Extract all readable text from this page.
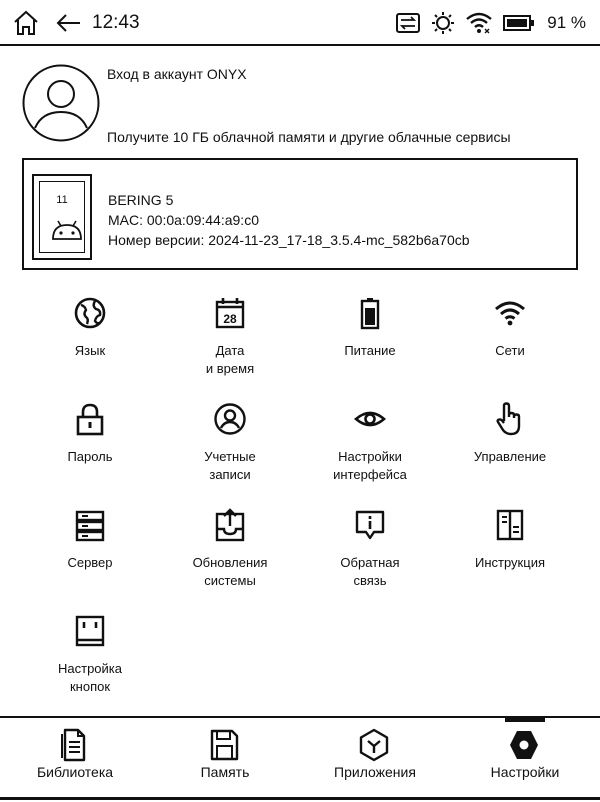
12:43	91 %
Вход в аккаунт ONYX
Получите 10 ГБ облачной памяти и другие облачные сервисы
11	BERING 5
MAC: 00:0a:09:44:a9:c0
Номер версии: 2024-11-23_17-18_3.5.4-mc_582b6a70cb
Язык
28
Дата
и время
Питание	Сети
Пароль	Учетные
записи
Настройки
интерфейса
Управление
Сервер	Обновления
системы
Обратная
связь
Инструкция
Настройка
кнопок
Библиотека	Память	Приложения	Настройки
